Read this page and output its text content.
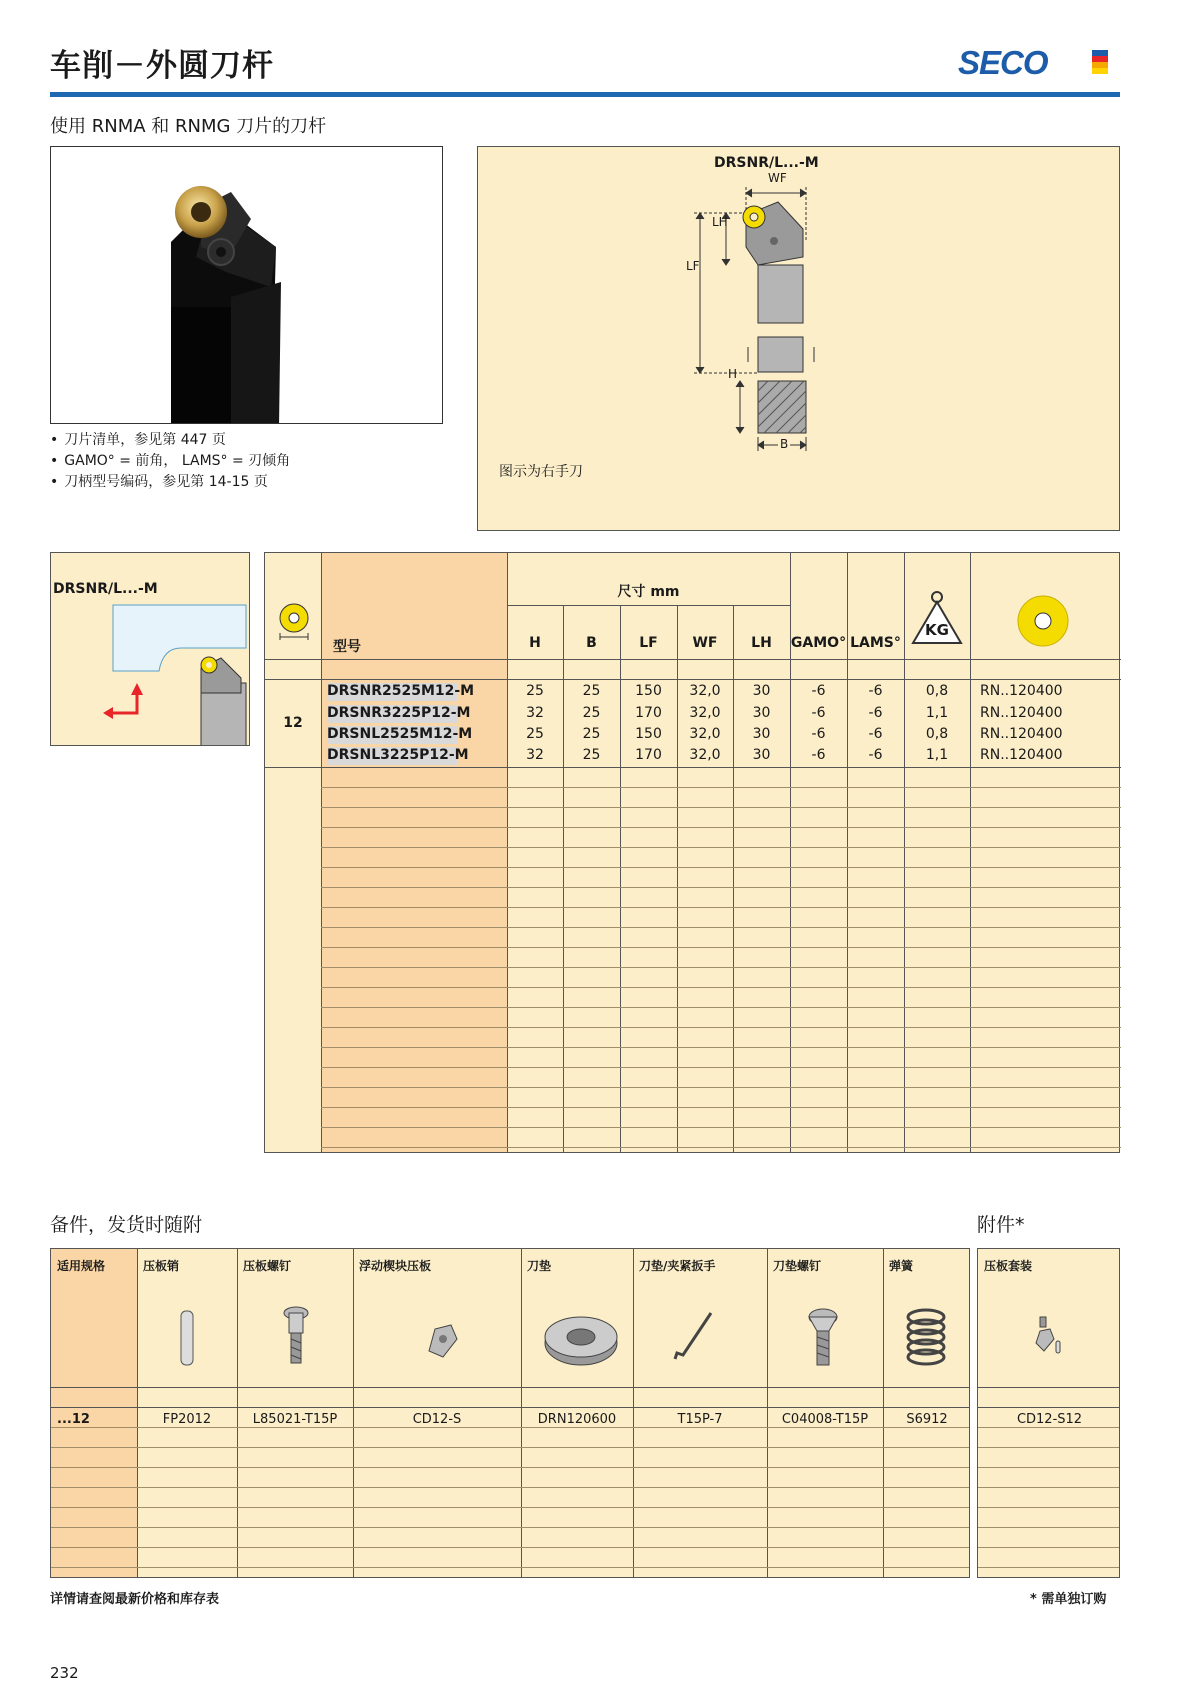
车削－外圆刀杆	SECO
使用 RNMA 和 RNMG 刀片的刀杆
• 刀片清单，参见第 447 页
• GAMO° = 前角， LAMS° = 刃倾角
• 刀柄型号编码，参见第 14-15 页
DRSNR/L...-M
WF
LH
LF
H
B
图示为右手刀
DRSNR/L...-M
型号
尺寸 mm
H	B	LF	WF	LH	GAMO° LAMS°
KG
12
DRSNR2525M12-M	25	25	150	32,0	30	-6	-6	0,8	RN..120400
DRSNR3225P12-M	32	25	170	32,0	30	-6	-6	1,1	RN..120400
DRSNL2525M12-M	25	25	150	32,0	30	-6	-6	0,8	RN..120400
DRSNL3225P12-M	32	25	170	32,0	30	-6	-6	1,1	RN..120400
备件，发货时随附	附件*
适用规格	压板销	压板螺钉	浮动楔块压板	刀垫	刀垫/夹紧扳手	刀垫螺钉	弹簧
...12	FP2012	L85021-T15P	CD12-S	DRN120600	T15P-7	C04008-T15P	S6912
压板套装
CD12-S12
详情请查阅最新价格和库存表	* 需单独订购
232
